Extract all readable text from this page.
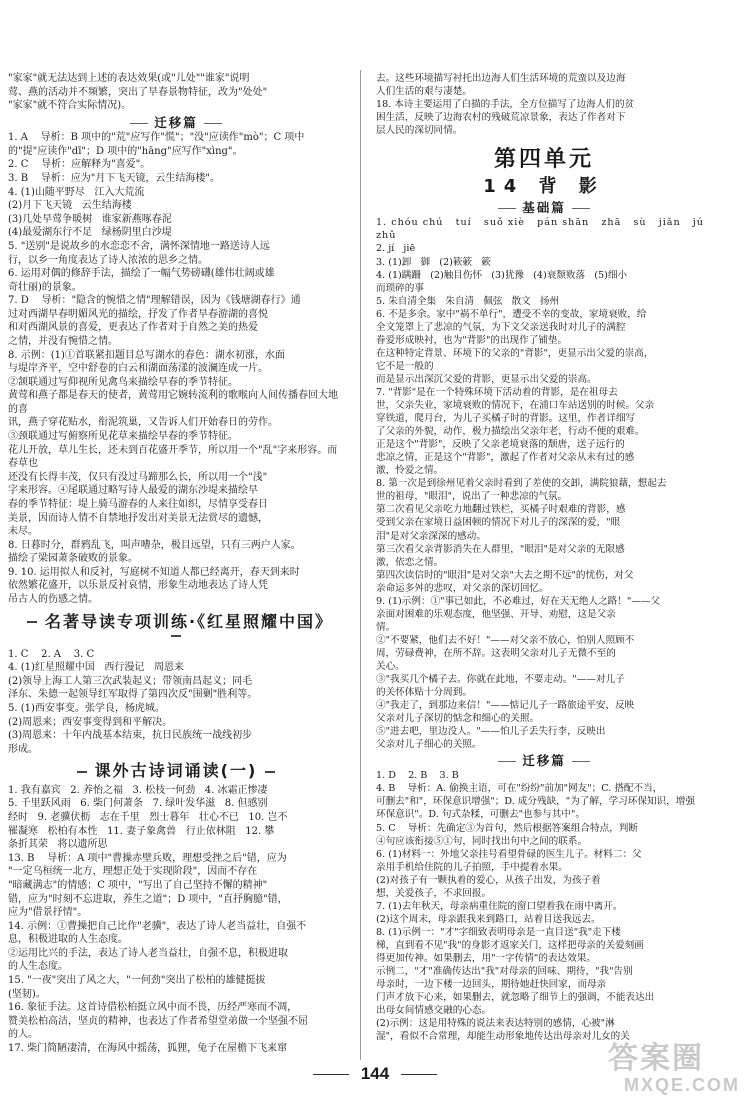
"家家"就无法达到上述的表达效果(或"儿处""谁家"说明

莺、燕的活动并不频繁，突出了早春景物特征，改为"处处"

"家家"就不符合实际情况)。

迁移篇

1. A    导析：B 项中的"荒"应写作"慌"；"没"应读作"mò"；C 项中

的"提"应读作"dī"；D 项中的"hāng"应写作"xìng"。

2. C    导析：应解释为"喜爱"。

3. B    导析：应为"月下飞天镜，云生结海楼"。

4. (1)山随平野尽   江入大荒流

(2)月下飞天镜   云生结海楼

(3)几处早莺争暖树   谁家新燕啄春泥

(4)最爱湖东行不足   绿杨阴里白沙堤

5. "送别"是说故乡的水恋恋不舍，满怀深情地一路送诗人远

行，以乡一角度表达了诗人浓浓的思乡之情。

6. 运用对偶的修辞手法，描绘了一幅气势磅礴(雄伟壮阔或雄

奇壮丽)的景象。

7. D    导析："隐含的惋惜之情"理解错误，因为《钱塘湖春行》通

过对西湖早春明媚风光的描绘，抒发了作者早春游湖的喜悦

和对西湖风景的喜爱，更表达了作者对于自然之美的热爱

之情，并没有惋惜之情。

8. 示例：(1)①首联紧扣题目总写湖水的春色：湖水初涨，水面

与堤岸齐平，空中舒卷的白云和湖面荡漾的波澜连成一片。

②颔联通过写仰视所见禽鸟来描绘早春的季节特征。

黄莺和燕子都是春天的使者，黄莺用它婉转流利的歌喉向人间传播春回大地的喜

讯，燕子穿花贴水，衔泥筑巢，又告诉人们开始春日的劳作。

③颈联通过写俯察所见花草来描绘早春的季节特征。

花儿开放，草儿生长，还未到百花盛开季节，所以用一个"乱"字来形容。而春草也

还没有长得丰茂，仅只有没过马蹄那么长，所以用一个"浅"

字来形容。④尾联通过略写诗人最爱的湖东沙堤来描绘早

春的季节特征：堤上骑马游春的人来往如织，尽情享受春日

美景，因而诗人情不自禁地抒发出对美景无法赏尽的遗憾，

未尽。

8. 日暮时分，群鸦乱飞，叫声嘈杂，极目远望，只有三两户人家。

描绘了梁园萧条破败的景象。

9. 10. 运用拟人和反衬，写庭树不知道人都已经离开，春天到来时

依然繁花盛开，以乐景反衬哀情，形象生动地表达了诗人凭

吊古人的伤感之情。

名著导读专项训练·《红星照耀中国》

1. C    2. A    3. C

4. (1)红星照耀中国   西行漫记   周恩来

(2)领导上海工人第三次武装起义；带领南昌起义；同毛

泽东、朱德一起领导红军取得了第四次反"围剿"胜利等。

5. (1)西安事变。张学良，杨虎城。

(2)周恩来；西安事变得到和平解决。

(3)周恩来：十年内战基本结束，抗日民族统一战线初步

形成。

课外古诗词诵读(一)

1. 我有嘉宾   2. 养怡之福   3. 松枝一何劲   4. 冰霜正惨凄

5. 千里跃风雨   6. 柴门何萧条   7. 绿叶发华滋   8. 但感别

经时   9. 老骥伏枥   志在千里   烈士暮年   壮心不已   10. 岂不

罹凝寒   松柏有本性   11. 妻子象禽兽   行止依林阻   12. 攀

条折其荣   将以遗所思

13. B    导析：A 项中"曹操赤壁兵败，理想受挫之后"错，应为

"一定乌桓统一北方，理想正处于实现阶段"，因而不存在

"暗藏满志"的情感；C 项中，"写出了自己坚持不懈的精神"

错，应为"时刻不忘进取，养生之道"；D 项中，"直抒胸臆"错，

应为"借景抒情"。

14. 示例：①曹操把自己比作"老骥"，表达了诗人老当益壮，自强不

息，积极进取的人生态度。

②运用比兴的手法，表达了诗人老当益壮，自强不息，积极进取

的人生态度。

15. "一夜"突出了风之大，"一何劲"突出了松柏的雄健挺拔

(坚韧)。

16. 象征手法。这首诗借松柏挺立风中而不畏，历经严寒而不凋，

赞美松柏高洁，坚贞的精神，也表达了作者希望堂弟做一个坚强不屈

的人。

17. 柴门简陋凄清，在海风中摇荡，狐狸，兔子在屋檐下飞来窜

去。这些环境描写衬托出边海人们生活环境的荒蛮以及边海

人们生活的艰与凄楚。

18. 本诗主要运用了白描的手法，全方位描写了边海人们的贫

困生活，反映了边海农村的残破荒凉景象，表达了作者对下

层人民的深切同情。

第四单元
14 背 影
基础篇

1. chóu chú   tuí   suǒ xiè   pán shān   zhā   sù   jiǎn   jú

zhǔ

2. jí   jiē

3. (1)卸   御   (2)簌簌   簌

4. (1)蹒跚   (2)触目伤怀   (3)犹豫   (4)衰颓败落   (5)细小

而琐碎的事

5. 朱自清全集   朱自清   佩弦   散文   扬州

6. 不是多余。家中"祸不单行"，遭受不幸的变故，家境衰败，给

全文笼罩上了悲凉的气氛，为下文父亲送我时对儿子的满腔

眷爱形成映衬，也为"背影"的出现作了铺垫。

在这种特定背景、环境下的父亲的"背影"，更显示出父爱的崇高，

它不是一般的

而是显示出深沉父爱的背影，更显示出父爱的崇高。

7. "背影"是在一个特殊环境下活动着的背影，是在祖母去

世，父亲失业，家境衰败的情况下，在浦口车站送别的时候。父亲

穿铁道，爬月台，为儿子买橘子时的背影。这里，作者详细写

了父亲的外貌，动作，极力描绘出父亲年老，行动不便的艰难。

正是这个"背影"，反映了父亲老境衰落的颓唐，送子远行的

悲凉之情，正是这个"背影"，激起了作者对父亲从未有过的感

激，怜爱之情。

8. 第一次是到徐州见着父亲时看到了差使的交卸，满院狼藉，想起去

世的祖母，"眼泪"，说出了一种悲凉的气氛。

第二次看见父亲吃力地翻过铁栏，买橘子时艰难的背影，感

受到父亲在家境日益困顿的情况下对儿子的深深的爱，"眼

泪"是对父亲深深的感动。

第三次看父亲背影消失在人群里，"眼泪"是对父亲的无限感

激，依恋之情。

第四次读信时的"眼泪"是对父亲"大去之期不远"的忧伤，对父

亲命运多舛的悲叹，对父亲的深切回忆。

9. (1)示例：①"事已如此，不必难过，好在天无绝人之路！"——父

亲面对困难的乐观态度，他坚强、开导、劝慰，这是父亲

情。

②"不要紧，他们去不好！"——对父亲不放心，怕别人照顾不

周，劳碌费神，在所不辞。这表明父亲对儿子无微不至的

关心。

③"我买几个橘子去。你就在此地，不要走动。"——对儿子

的关怀体贴十分周到。

④"我走了，到那边来信！"——惦记儿子一路旅途平安，反映

父亲对儿子深切的惦念和细心的关照。

⑤"进去吧，里边没人。"——怕儿子丢失行李，反映出

父亲对儿子细心的关照。

迁移篇

1. D    2. B    3. B

4. B    导析：A. 偷换主语，可在"纷纷"前加"网友"；C. 搭配不当，

可删去"和"，环保意识增强"；D. 成分残缺，"为了解，学习环保知识，增强

环保意识"。D. 句式杂糅，可删去"也参与其中"。

5. C    导析：先确定③为首句，然后根据答案组合特点，判断

④句应该衔接⑤①句，同时找出句中之间的联系。

6. (1)材料一：外地父亲挂号看望骨碌的医生儿子。材料二：父

亲用手机给住院的儿子拍照，手中提着水果。

(2)对孩子有一颗执着的爱心，从孩子出发，为孩子着

想，关爱孩子，不求回报。

7. (1)去年秋天，母亲病重住院的窗口望着我在雨中离开。

(2)这个周末，母亲跟我来到路口，站着目送我远去。

8. (1)示例一："才"字细致表明母亲是一直目送"我"走下楼

梯，直到看不见"我"的身影才返家关门，这样把母亲的关爱刻画

得更加传神。如果删去，用"一字传情"的表达效果。

示例二，"才"准确传达出"我"对母亲的回味、期待，"我"告别

母亲时，一边下楼一边回头，期待她赶快回家，而母亲

门声才放下心来，如果删去，就忽略了细节上的强调，不能表达出

出母女间情感交融的心态。

(2)示例：这是用特殊的说法来表达特别的感情，心被"淋

湿"，看似不合常理，却能生动形象地传达出母亲对儿女的关

144	答案圈
MXQE.COM
